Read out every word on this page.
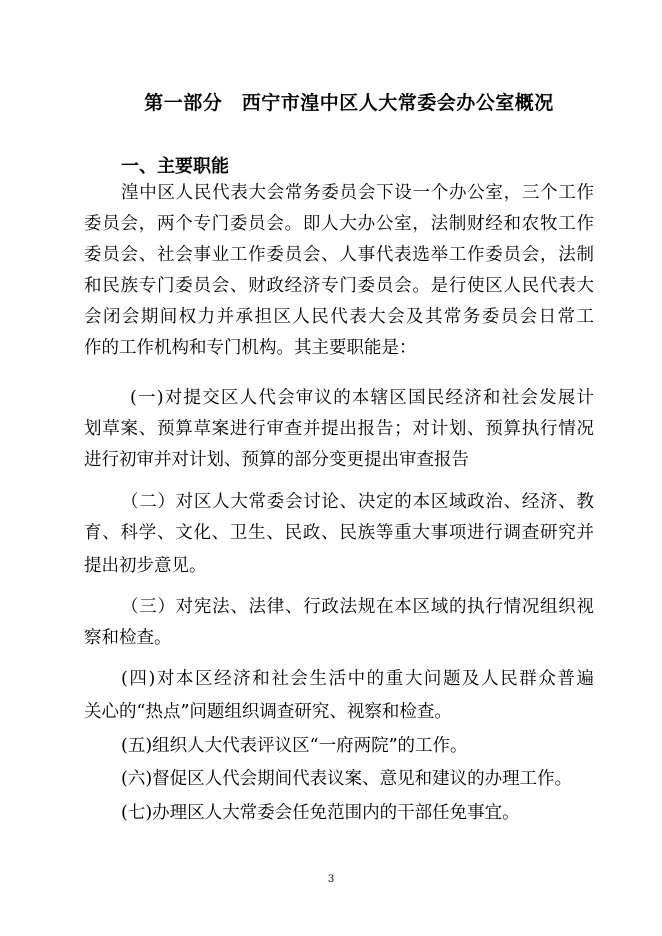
第一部分　西宁市湟中区人大常委会办公室概况
一、主要职能
湟中区人民代表大会常务委员会下设一个办公室，三个工作
委员会，两个专门委员会。即人大办公室，法制财经和农牧工作
委员会、社会事业工作委员会、人事代表选举工作委员会，法制
和民族专门委员会、财政经济专门委员会。是行使区人民代表大
会闭会期间权力并承担区人民代表大会及其常务委员会日常工
作的工作机构和专门机构。其主要职能是：
(一)对提交区人代会审议的本辖区国民经济和社会发展计
划草案、预算草案进行审查并提出报告；对计划、预算执行情况
进行初审并对计划、预算的部分变更提出审查报告
（二）对区人大常委会讨论、决定的本区域政治、经济、教
育、科学、文化、卫生、民政、民族等重大事项进行调查研究并
提出初步意见。
（三）对宪法、法律、行政法规在本区域的执行情况组织视
察和检查。
(四)对本区经济和社会生活中的重大问题及人民群众普遍
关心的“热点”问题组织调查研究、视察和检查。
(五)组织人大代表评议区“一府两院”的工作。
(六)督促区人代会期间代表议案、意见和建议的办理工作。
(七)办理区人大常委会任免范围内的干部任免事宜。
3
